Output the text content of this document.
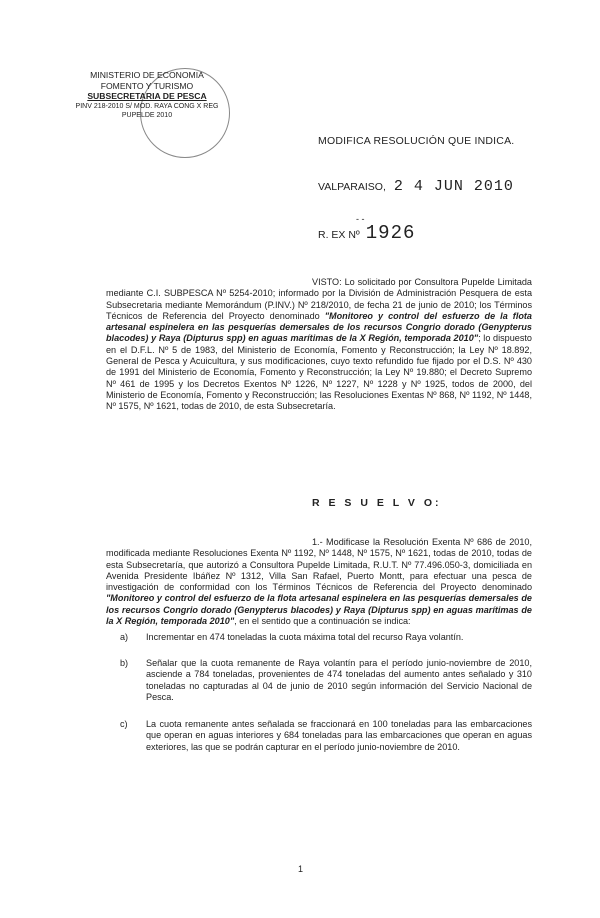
MINISTERIO DE ECONOMIA
FOMENTO Y TURISMO
SUBSECRETARIA DE PESCA
PINV 218-2010 S/ MOD. RAYA CONG X REG
PUPELDE 2010
MODIFICA RESOLUCIÓN QUE INDICA.
VALPARAISO, 2 4 JUN 2010
- -
R. EX Nº 1926
VISTO: Lo solicitado por Consultora Pupelde Limitada mediante C.I. SUBPESCA Nº 5254-2010; informado por la División de Administración Pesquera de esta Subsecretaria mediante Memorándum (P.INV.) Nº 218/2010, de fecha 21 de junio de 2010; los Términos Técnicos de Referencia del Proyecto denominado "Monitoreo y control del esfuerzo de la flota artesanal espinelera en las pesquerías demersales de los recursos Congrio dorado (Genypterus blacodes) y Raya (Dipturus spp) en aguas marítimas de la X Región, temporada 2010"; lo dispuesto en el D.F.L. Nº 5 de 1983, del Ministerio de Economía, Fomento y Reconstrucción; la Ley Nº 18.892, General de Pesca y Acuicultura, y sus modificaciones, cuyo texto refundido fue fijado por el D.S. Nº 430 de 1991 del Ministerio de Economía, Fomento y Reconstrucción; la Ley Nº 19.880; el Decreto Supremo Nº 461 de 1995 y los Decretos Exentos Nº 1226, Nº 1227, Nº 1228 y Nº 1925, todos de 2000, del Ministerio de Economía, Fomento y Reconstrucción; las Resoluciones Exentas Nº 868, Nº 1192, Nº 1448, Nº 1575, Nº 1621, todas de 2010, de esta Subsecretaría.
R E S U E L V O:
1.- Modificase la Resolución Exenta Nº 686 de 2010, modificada mediante Resoluciones Exenta Nº 1192, Nº 1448, Nº 1575, Nº 1621, todas de 2010, todas de esta Subsecretaría, que autorizó a Consultora Pupelde Limitada, R.U.T. Nº 77.496.050-3, domiciliada en Avenida Presidente Ibáñez Nº 1312, Villa San Rafael, Puerto Montt, para efectuar una pesca de investigación de conformidad con los Términos Técnicos de Referencia del Proyecto denominado "Monitoreo y control del esfuerzo de la flota artesanal espinelera en las pesquerías demersales de los recursos Congrio dorado (Genypterus blacodes) y Raya (Dipturus spp) en aguas marítimas de la X Región, temporada 2010", en el sentido que a continuación se indica:
a) Incrementar en 474 toneladas la cuota máxima total del recurso Raya volantín.
b) Señalar que la cuota remanente de Raya volantín para el período junio-noviembre de 2010, asciende a 784 toneladas, provenientes de 474 toneladas del aumento antes señalado y 310 toneladas no capturadas al 04 de junio de 2010 según información del Servicio Nacional de Pesca.
c) La cuota remanente antes señalada se fraccionará en 100 toneladas para las embarcaciones que operan en aguas interiores y 684 toneladas para las embarcaciones que operan en aguas exteriores, las que se podrán capturar en el período junio-noviembre de 2010.
1
